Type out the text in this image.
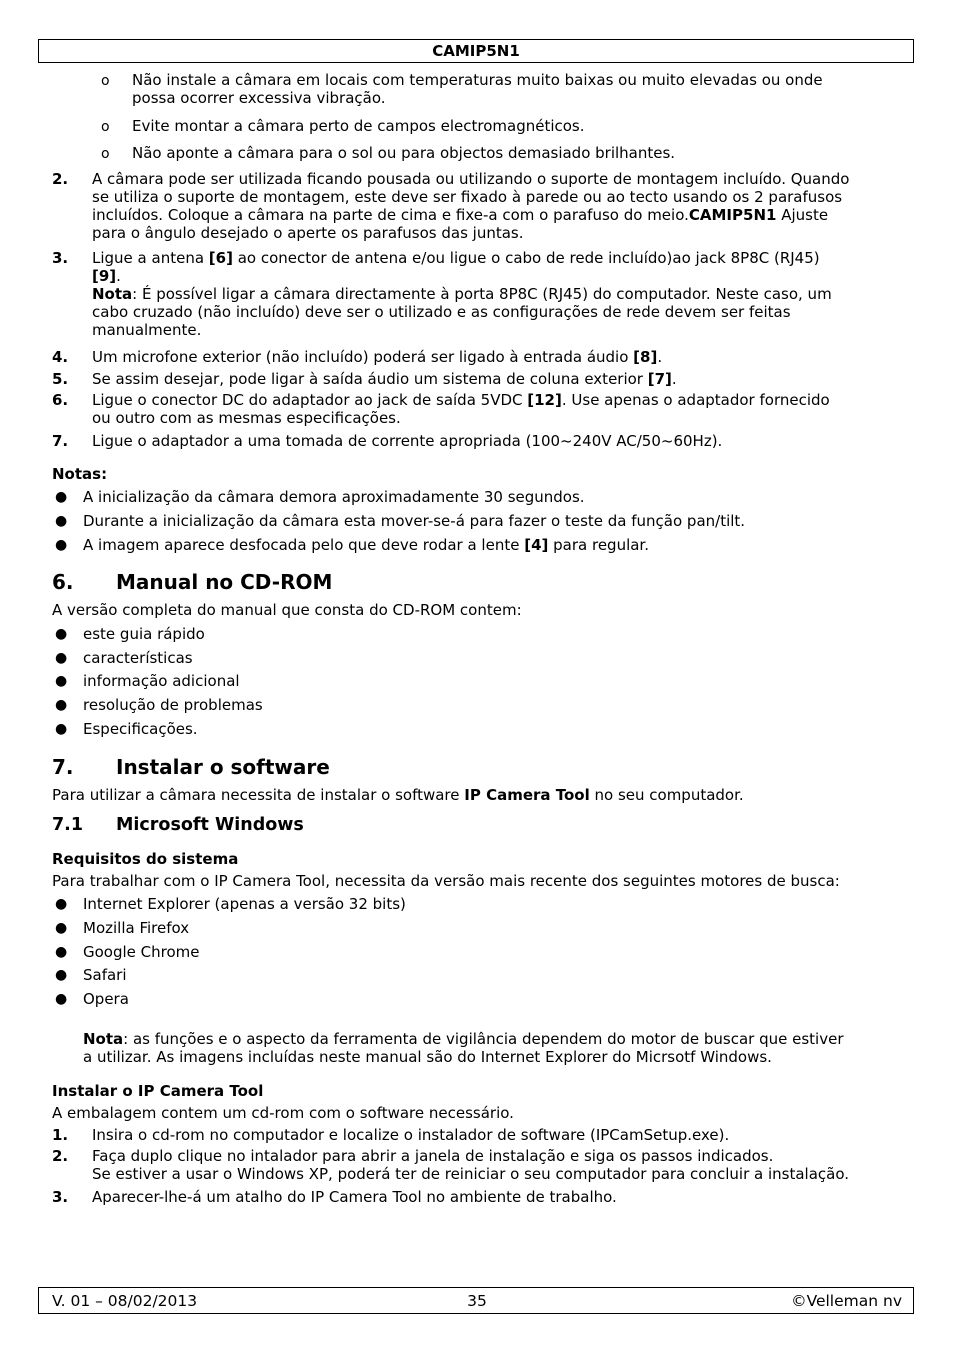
CAMIP5N1
o Não instale a câmara em locais com temperaturas muito baixas ou muito elevadas ou onde
possa ocorrer excessiva vibração.
o Evite montar a câmara perto de campos electromagnéticos.
o Não aponte a câmara para o sol ou para objectos demasiado brilhantes.
2. A câmara pode ser utilizada ficando pousada ou utilizando o suporte de montagem incluído. Quando
se utiliza o suporte de montagem, este deve ser fixado à parede ou ao tecto usando os 2 parafusos
incluídos. Coloque a câmara na parte de cima e fixe-a com o parafuso do meio.CAMIP5N1 Ajuste
para o ângulo desejado o aperte os parafusos das juntas.
3. Ligue a antena [6] ao conector de antena e/ou ligue o cabo de rede incluído)ao jack 8P8C (RJ45)
[9].
Nota: É possível ligar a câmara directamente à porta 8P8C (RJ45) do computador. Neste caso, um
cabo cruzado (não incluído) deve ser o utilizado e as configurações de rede devem ser feitas
manualmente.
4. Um microfone exterior (não incluído) poderá ser ligado à entrada áudio [8].
5. Se assim desejar, pode ligar à saída áudio um sistema de coluna exterior [7].
6. Ligue o conector DC do adaptador ao jack de saída 5VDC [12]. Use apenas o adaptador fornecido
ou outro com as mesmas especificações.
7. Ligue o adaptador a uma tomada de corrente apropriada (100~240V AC/50~60Hz).
Notas:
● A inicialização da câmara demora aproximadamente 30 segundos.
● Durante a inicialização da câmara esta mover-se-á para fazer o teste da função pan/tilt.
● A imagem aparece desfocada pelo que deve rodar a lente [4] para regular.
6. Manual no CD-ROM
A versão completa do manual que consta do CD-ROM contem:
● este guia rápido
● características
● informação adicional
● resolução de problemas
● Especificações.
7. Instalar o software
Para utilizar a câmara necessita de instalar o software IP Camera Tool no seu computador.
7.1 Microsoft Windows
Requisitos do sistema
Para trabalhar com o IP Camera Tool, necessita da versão mais recente dos seguintes motores de busca:
● Internet Explorer (apenas a versão 32 bits)
● Mozilla Firefox
● Google Chrome
● Safari
● Opera
Nota: as funções e o aspecto da ferramenta de vigilância dependem do motor de buscar que estiver
a utilizar. As imagens incluídas neste manual são do Internet Explorer do Micrsotf Windows.
Instalar o IP Camera Tool
A embalagem contem um cd-rom com o software necessário.
1. Insira o cd-rom no computador e localize o instalador de software (IPCamSetup.exe).
2. Faça duplo clique no intalador para abrir a janela de instalação e siga os passos indicados.
Se estiver a usar o Windows XP, poderá ter de reiniciar o seu computador para concluir a instalação.
3. Aparecer-lhe-á um atalho do IP Camera Tool no ambiente de trabalho.
V. 01 – 08/02/2013	35	©Velleman nv
